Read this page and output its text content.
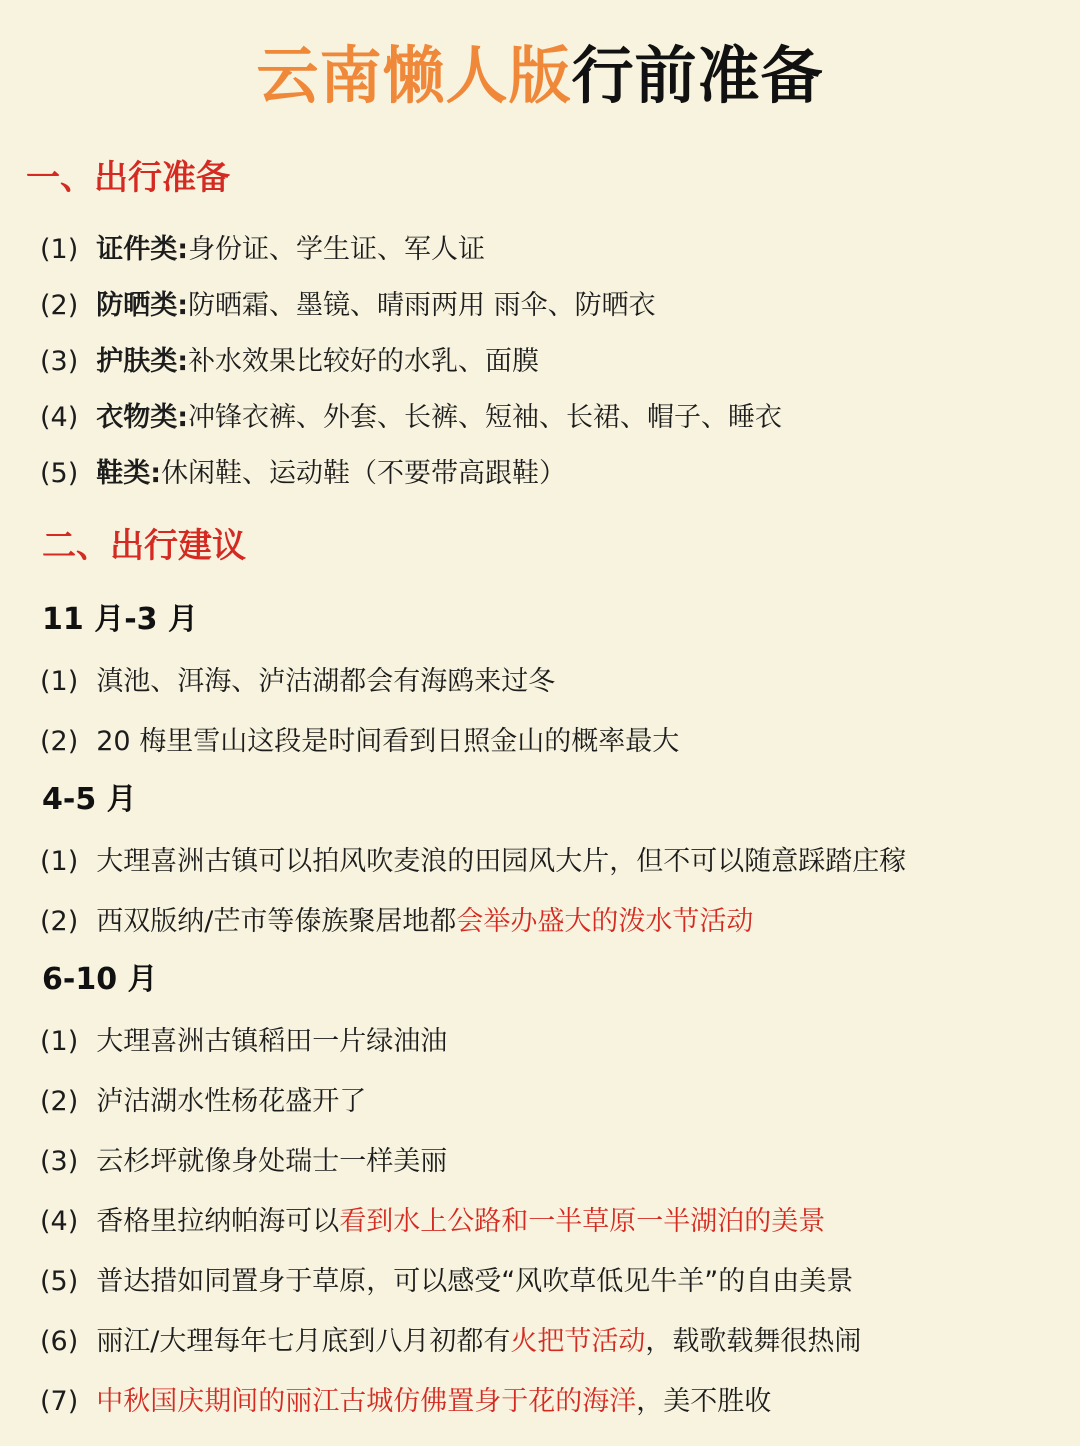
云南懒人版行前准备
一、出行准备
(1) 证件类:身份证、学生证、军人证
(2) 防晒类:防晒霜、墨镜、晴雨两用 雨伞、防晒衣
(3) 护肤类:补水效果比较好的水乳、面膜
(4) 衣物类:冲锋衣裤、外套、长裤、短袖、长裙、帽子、睡衣
(5) 鞋类:休闲鞋、运动鞋（不要带高跟鞋）
二、出行建议
11 月-3 月
(1) 滇池、洱海、泸沽湖都会有海鸥来过冬
(2) 20 梅里雪山这段是时间看到日照金山的概率最大
4-5 月
(1) 大理喜洲古镇可以拍风吹麦浪的田园风大片，但不可以随意踩踏庄稼
(2) 西双版纳/芒市等傣族聚居地都会举办盛大的泼水节活动
6-10 月
(1) 大理喜洲古镇稻田一片绿油油
(2) 泸沽湖水性杨花盛开了
(3) 云杉坪就像身处瑞士一样美丽
(4) 香格里拉纳帕海可以看到水上公路和一半草原一半湖泊的美景
(5) 普达措如同置身于草原，可以感受“风吹草低见牛羊”的自由美景
(6) 丽江/大理每年七月底到八月初都有火把节活动，载歌载舞很热闹
(7) 中秋国庆期间的丽江古城仿佛置身于花的海洋，美不胜收
